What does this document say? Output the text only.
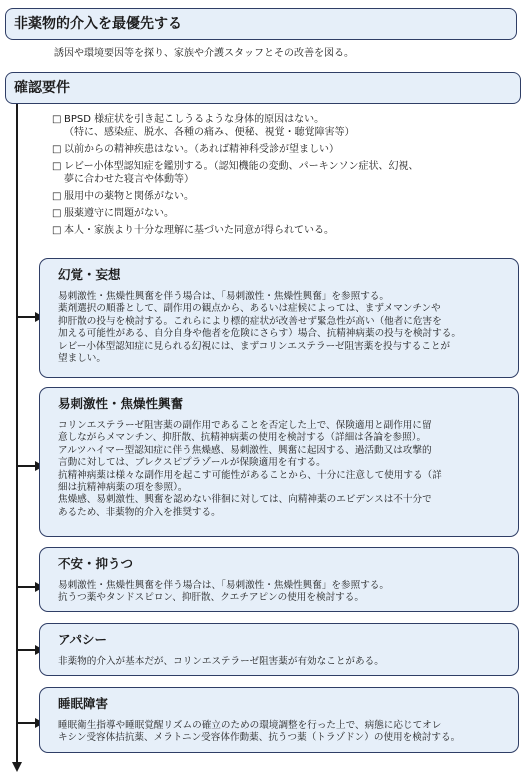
非薬物的介入を最優先する
誘因や環境要因等を探り、家族や介護スタッフとその改善を図る。
確認要件
□ BPSD 様症状を引き起こしうるような身体的原因はない。
（特に、感染症、脱水、各種の痛み、便秘、視覚・聴覚障害等）
□ 以前からの精神疾患はない。（あれば精神科受診が望ましい）
□ レビー小体型認知症を鑑別する。（認知機能の変動、パーキンソン症状、幻視、
夢に合わせた寝言や体動等）
□ 服用中の薬物と関係がない。
□ 服薬遵守に問題がない。
□ 本人・家族より十分な理解に基づいた同意が得られている。
幻覚・妄想

易刺激性・焦燥性興奮を伴う場合は、「易刺激性・焦燥性興奮」を参照する。

薬剤選択の順番として、副作用の観点から、あるいは症候によっては、まずメマンチンや

抑肝散の投与を検討する。これらにより標的症状が改善せず緊急性が高い（他者に危害を

加える可能性がある、自分自身や他者を危険にさらす）場合、抗精神病薬の投与を検討する。

レビー小体型認知症に見られる幻視には、まずコリンエステラーゼ阻害薬を投与することが

望ましい。

易刺激性・焦燥性興奮

コリンエステラーゼ阻害薬の副作用であることを否定した上で、保険適用と副作用に留

意しながらメマンチン、抑肝散、抗精神病薬の使用を検討する（詳細は各論を参照）。

アルツハイマー型認知症に伴う焦燥感、易刺激性、興奮に起因する、過活動又は攻撃的

言動に対しては、ブレクスピプラゾールが保険適用を有する。

抗精神病薬は様々な副作用を起こす可能性があることから、十分に注意して使用する（詳

細は抗精神病薬の項を参照）。

焦燥感、易刺激性、興奮を認めない徘徊に対しては、向精神薬のエビデンスは不十分で

あるため、非薬物的介入を推奨する。

不安・抑うつ

易刺激性・焦燥性興奮を伴う場合は、「易刺激性・焦燥性興奮」を参照する。

抗うつ薬やタンドスピロン、抑肝散、クエチアピンの使用を検討する。

アパシー

非薬物的介入が基本だが、コリンエステラーゼ阻害薬が有効なことがある。

睡眠障害

睡眠衛生指導や睡眠覚醒リズムの確立のための環境調整を行った上で、病態に応じてオレ

キシン受容体拮抗薬、メラトニン受容体作動薬、抗うつ薬（トラゾドン）の使用を検討する。
